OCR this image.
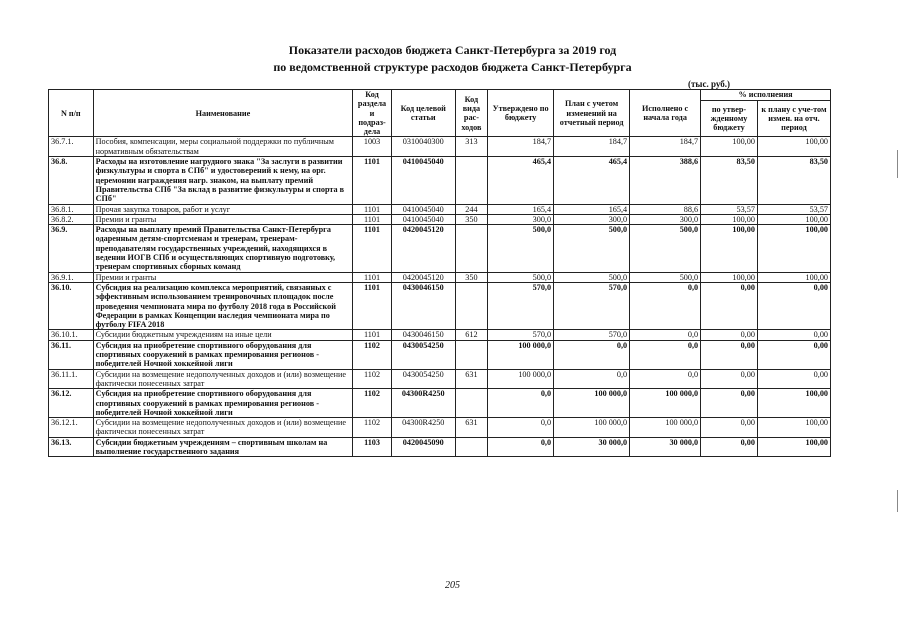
Показатели расходов бюджета Санкт-Петербурга за 2019 год
по ведомственной структуре расходов бюджета Санкт-Петербурга
(тыс. руб.)
N п/п	Наименование	Код раздела и подраз-дела	Код целевой статьи	Код вида рас-ходов	Утверждено по бюджету	План с учетом изменений на отчетный период	Исполнено с начала года	% исполнения	
								по утвер-жденному бюджету	к плану с уче-том измен. на отч. период
36.7.1.	Пособия, компенсации, меры социальной поддержки по публичным нормативным обязательствам	1003	0310040300	313	184,7	184,7	184,7	100,00	100,00
36.8.	Расходы на изготовление нагрудного знака "За заслуги в развитии физкультуры и спорта в СПб" и удостоверений к нему, на орг. церемонии награждения нагр. знаком, на выплату премий Правительства СПб "За вклад в развитие физкультуры и спорта в СПб"	1101	0410045040		465,4	465,4	388,6	83,50	83,50
36.8.1.	Прочая закупка товаров, работ и услуг	1101	0410045040	244	165,4	165,4	88,6	53,57	53,57
36.8.2.	Премии и гранты	1101	0410045040	350	300,0	300,0	300,0	100,00	100,00
36.9.	Расходы на выплату премий Правительства Санкт-Петербурга одаренным детям-спортсменам и тренерам, тренерам-преподавателям государственных учреждений, находящихся в ведении ИОГВ СПб и осуществляющих спортивную подготовку, тренерам спортивных сборных команд	1101	0420045120		500,0	500,0	500,0	100,00	100,00
36.9.1.	Премии и гранты	1101	0420045120	350	500,0	500,0	500,0	100,00	100,00
36.10.	Субсидия на реализацию комплекса мероприятий, связанных с эффективным использованием тренировочных площадок после проведения чемпионата мира по футболу 2018 года в Российской Федерации в рамках Концепции наследия чемпионата мира по футболу FIFA 2018	1101	0430046150		570,0	570,0	0,0	0,00	0,00
36.10.1.	Субсидии бюджетным учреждениям на иные цели	1101	0430046150	612	570,0	570,0	0,0	0,00	0,00
36.11.	Субсидия на приобретение спортивного оборудования для спортивных сооружений в рамках премирования регионов - победителей Ночной хоккейной лиги	1102	0430054250		100 000,0	0,0	0,0	0,00	0,00
36.11.1.	Субсидии на возмещение недополученных доходов и (или) возмещение фактически понесенных затрат	1102	0430054250	631	100 000,0	0,0	0,0	0,00	0,00
36.12.	Субсидия на приобретение спортивного оборудования для спортивных сооружений в рамках премирования регионов - победителей Ночной хоккейной лиги	1102	04300R4250		0,0	100 000,0	100 000,0	0,00	100,00
36.12.1.	Субсидии на возмещение недополученных доходов и (или) возмещение фактически понесенных затрат	1102	04300R4250	631	0,0	100 000,0	100 000,0	0,00	100,00
36.13.	Субсидии бюджетным учреждениям – спортивным школам на выполнение государственного задания	1103	0420045090		0,0	30 000,0	30 000,0	0,00	100,00
205
